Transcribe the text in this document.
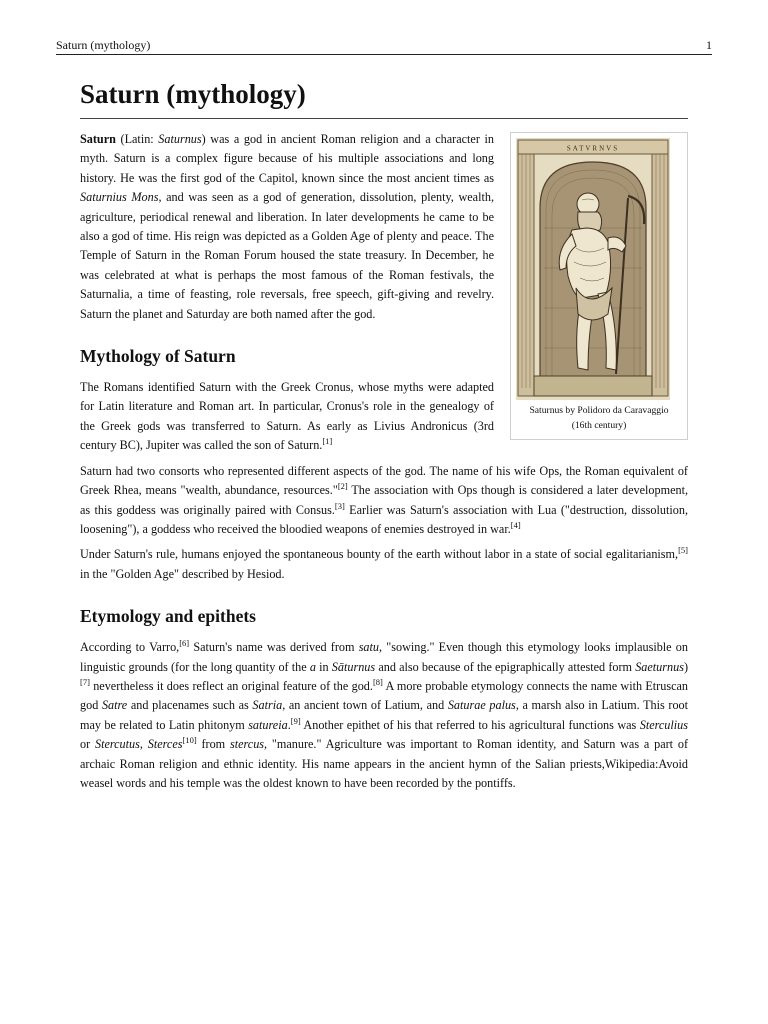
Saturn (mythology)	1
Saturn (mythology)
SATVRNVS
Saturnus by Polidoro da Caravaggio
(16th century)

Saturn (Latin: Saturnus) was a god in ancient Roman religion and a character in myth. Saturn is a complex figure because of his multiple associations and long history. He was the first god of the Capitol, known since the most ancient times as Saturnius Mons, and was seen as a god of generation, dissolution, plenty, wealth, agriculture, periodical renewal and liberation. In later developments he came to be also a god of time. His reign was depicted as a Golden Age of plenty and peace. The Temple of Saturn in the Roman Forum housed the state treasury. In December, he was celebrated at what is perhaps the most famous of the Roman festivals, the Saturnalia, a time of feasting, role reversals, free speech, gift-giving and revelry. Saturn the planet and Saturday are both named after the god.

Mythology of Saturn

The Romans identified Saturn with the Greek Cronus, whose myths were adapted for Latin literature and Roman art. In particular, Cronus's role in the genealogy of the Greek gods was transferred to Saturn. As early as Livius Andronicus (3rd century BC), Jupiter was called the son of Saturn.[1]

Saturn had two consorts who represented different aspects of the god. The name of his wife Ops, the Roman equivalent of Greek Rhea, means "wealth, abundance, resources."[2] The association with Ops though is considered a later development, as this goddess was originally paired with Consus.[3] Earlier was Saturn's association with Lua ("destruction, dissolution, loosening"), a goddess who received the bloodied weapons of enemies destroyed in war.[4]

Under Saturn's rule, humans enjoyed the spontaneous bounty of the earth without labor in a state of social egalitarianism,[5] in the "Golden Age" described by Hesiod.

Etymology and epithets

According to Varro,[6] Saturn's name was derived from satu, "sowing." Even though this etymology looks implausible on linguistic grounds (for the long quantity of the a in Sāturnus and also because of the epigraphically attested form Saeturnus)[7] nevertheless it does reflect an original feature of the god.[8] A more probable etymology connects the name with Etruscan god Satre and placenames such as Satria, an ancient town of Latium, and Saturae palus, a marsh also in Latium. This root may be related to Latin phitonym satureia.[9] Another epithet of his that referred to his agricultural functions was Sterculius or Stercutus, Sterces[10] from stercus, "manure." Agriculture was important to Roman identity, and Saturn was a part of archaic Roman religion and ethnic identity. His name appears in the ancient hymn of the Salian priests,Wikipedia:Avoid weasel words and his temple was the oldest known to have been recorded by the pontiffs.
